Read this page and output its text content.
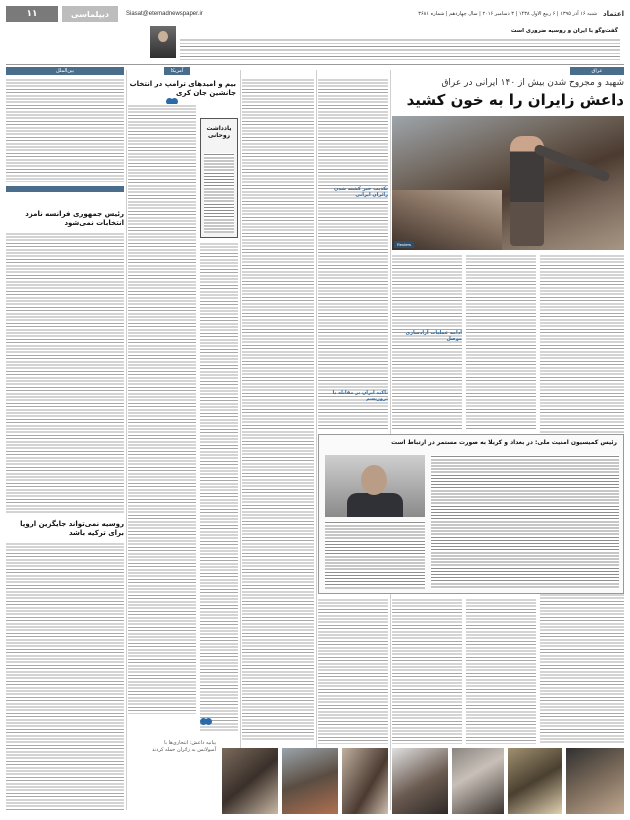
۱۱	دیپلماسی	Siasat@etemadnewspaper.ir	شنبه ۱۶ آذر ۱۳۹۵ | ۶ ربیع الاول ۱۴۳۸ | ۳ دسامبر ۲۰۱۶ | سال چهاردهم | شماره ۳۶۸۱ اعتماد
گفت‌وگو با ایران و روسیه ضروری است
عراق
بین‌الملل	آمریکا
شهید و مجروح شدن بیش از ۱۴۰ ایرانی در عراق
داعش زایران را به خون کشید
Reuters
تکذیب خبر کشته شدن زائران ایرانی
ادامه عملیات آزادسازی موصل
تاکید ایران بر مقابله با تروریسم
رئیس کمیسیون امنیت ملی: در بغداد و کربلا به صورت مستمر در ارتباط است
بیم و امیدهای ترامپ در انتخاب جانشین جان کری
یادداشت روحانی
رئیس جمهوری فرانسه نامزد انتخابات نمی‌شود
روسیه نمی‌تواند جایگزین اروپا برای ترکیه باشد
بیانیه داعش: انتحاری‌ها با آمبولانس به زائران حمله کردند
